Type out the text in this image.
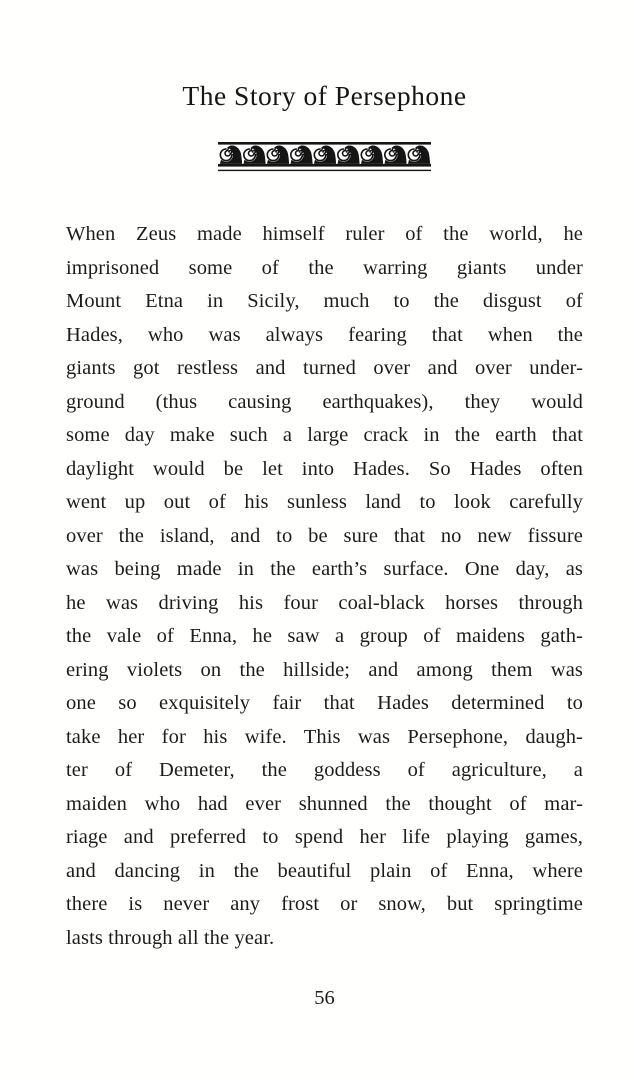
The Story of Persephone
When Zeus made himself ruler of the world, he
imprisoned some of the warring giants under
Mount Etna in Sicily, much to the disgust of
Hades, who was always fearing that when the
giants got restless and turned over and over under-
ground (thus causing earthquakes), they would
some day make such a large crack in the earth that
daylight would be let into Hades. So Hades often
went up out of his sunless land to look carefully
over the island, and to be sure that no new fissure
was being made in the earth’s surface. One day, as
he was driving his four coal-black horses through
the vale of Enna, he saw a group of maidens gath-
ering violets on the hillside; and among them was
one so exquisitely fair that Hades determined to
take her for his wife. This was Persephone, daugh-
ter of Demeter, the goddess of agriculture, a
maiden who had ever shunned the thought of mar-
riage and preferred to spend her life playing games,
and dancing in the beautiful plain of Enna, where
there is never any frost or snow, but springtime
lasts through all the year.
56
